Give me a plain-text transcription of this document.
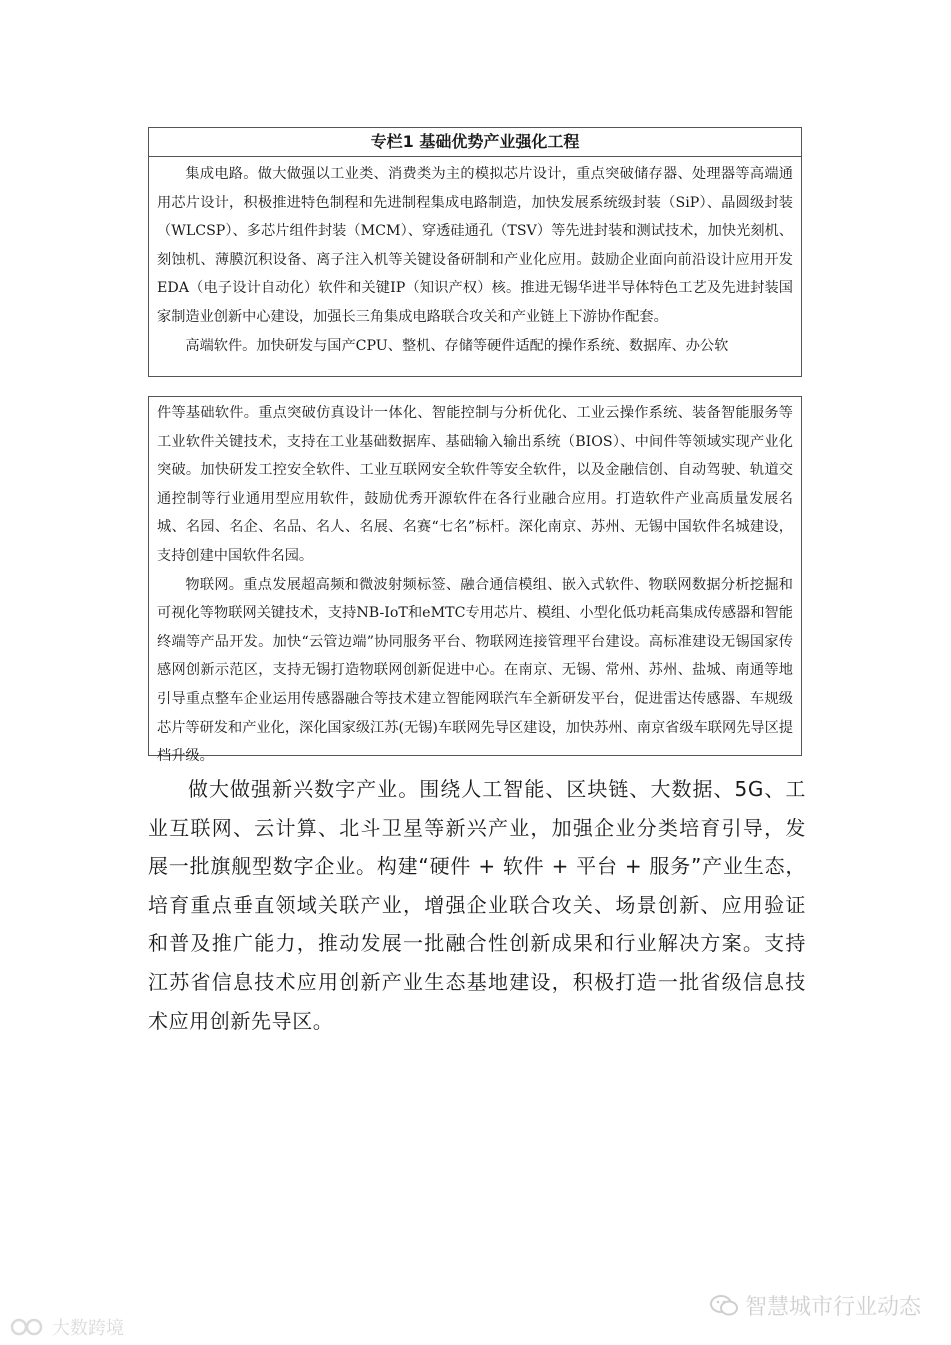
专栏1 基础优势产业强化工程

集成电路。做大做强以工业类、消费类为主的模拟芯片设计，重点突破储存器、处理器等高端通用芯片设计，积极推进特色制程和先进制程集成电路制造，加快发展系统级封装（SiP）、晶圆级封装（WLCSP）、多芯片组件封装（MCM）、穿透硅通孔（TSV）等先进封装和测试技术，加快光刻机、刻蚀机、薄膜沉积设备、离子注入机等关键设备研制和产业化应用。鼓励企业面向前沿设计应用开发EDA（电子设计自动化）软件和关键IP（知识产权）核。推进无锡华进半导体特色工艺及先进封装国家制造业创新中心建设，加强长三角集成电路联合攻关和产业链上下游协作配套。

高端软件。加快研发与国产CPU、整机、存储等硬件适配的操作系统、数据库、办公软

件等基础软件。重点突破仿真设计一体化、智能控制与分析优化、工业云操作系统、装备智能服务等工业软件关键技术，支持在工业基础数据库、基础输入输出系统（BIOS）、中间件等领域实现产业化突破。加快研发工控安全软件、工业互联网安全软件等安全软件，以及金融信创、自动驾驶、轨道交通控制等行业通用型应用软件，鼓励优秀开源软件在各行业融合应用。打造软件产业高质量发展名城、名园、名企、名品、名人、名展、名赛“七名”标杆。深化南京、苏州、无锡中国软件名城建设，支持创建中国软件名园。

物联网。重点发展超高频和微波射频标签、融合通信模组、嵌入式软件、物联网数据分析挖掘和可视化等物联网关键技术，支持NB-IoT和eMTC专用芯片、模组、小型化低功耗高集成传感器和智能终端等产品开发。加快“云管边端”协同服务平台、物联网连接管理平台建设。高标准建设无锡国家传感网创新示范区，支持无锡打造物联网创新促进中心。在南京、无锡、常州、苏州、盐城、南通等地引导重点整车企业运用传感器融合等技术建立智能网联汽车全新研发平台，促进雷达传感器、车规级芯片等研发和产业化，深化国家级江苏(无锡)车联网先导区建设，加快苏州、南京省级车联网先导区提档升级。

做大做强新兴数字产业。围绕人工智能、区块链、大数据、5G、工业互联网、云计算、北斗卫星等新兴产业，加强企业分类培育引导，发展一批旗舰型数字企业。构建“硬件 + 软件 + 平台 + 服务”产业生态，培育重点垂直领域关联产业，增强企业联合攻关、场景创新、应用验证和普及推广能力，推动发展一批融合性创新成果和行业解决方案。支持江苏省信息技术应用创新产业生态基地建设，积极打造一批省级信息技术应用创新先导区。

大数跨境
智慧城市行业动态
